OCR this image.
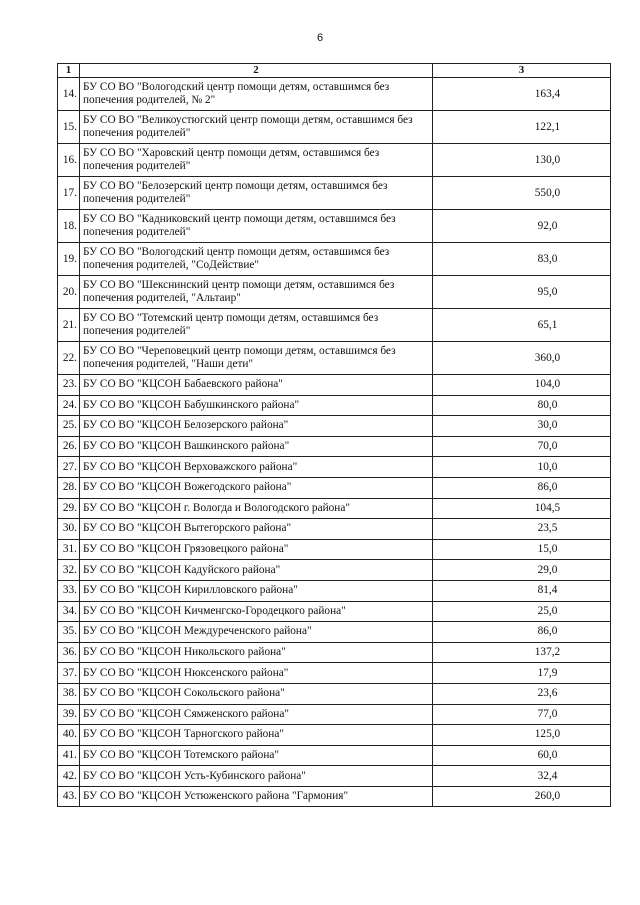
6
1	2	3
14.	БУ СО ВО "Вологодский центр помощи детям, оставшимся без попечения родителей, № 2"	163,4
15.	БУ СО ВО "Великоустюгский центр помощи детям, оставшимся без попечения родителей"	122,1
16.	БУ СО ВО "Харовский центр помощи детям, оставшимся без попечения родителей"	130,0
17.	БУ СО ВО "Белозерский центр помощи детям, оставшимся без попечения родителей"	550,0
18.	БУ СО ВО "Кадниковский центр помощи детям, оставшимся без попечения родителей"	92,0
19.	БУ СО ВО "Вологодский центр помощи детям, оставшимся без попечения родителей, "СоДействие"	83,0
20.	БУ СО ВО "Шекснинский центр помощи детям, оставшимся без попечения родителей, "Альтаир"	95,0
21.	БУ СО ВО "Тотемский центр помощи детям, оставшимся без попечения родителей"	65,1
22.	БУ СО ВО "Череповецкий центр помощи детям, оставшимся без попечения родителей, "Наши дети"	360,0
23.	БУ СО ВО "КЦСОН Бабаевского района"	104,0
24.	БУ СО ВО "КЦСОН Бабушкинского района"	80,0
25.	БУ СО ВО "КЦСОН Белозерского района"	30,0
26.	БУ СО ВО "КЦСОН Вашкинского района"	70,0
27.	БУ СО ВО "КЦСОН Верховажского района"	10,0
28.	БУ СО ВО "КЦСОН Вожегодского района"	86,0
29.	БУ СО ВО "КЦСОН г. Вологда и Вологодского района"	104,5
30.	БУ СО ВО "КЦСОН Вытегорского района"	23,5
31.	БУ СО ВО "КЦСОН Грязовецкого района"	15,0
32.	БУ СО ВО "КЦСОН Кадуйского района"	29,0
33.	БУ СО ВО "КЦСОН Кирилловского района"	81,4
34.	БУ СО ВО "КЦСОН Кичменгско-Городецкого района"	25,0
35.	БУ СО ВО "КЦСОН Междуреченского района"	86,0
36.	БУ СО ВО "КЦСОН Никольского района"	137,2
37.	БУ СО ВО "КЦСОН Нюксенского района"	17,9
38.	БУ СО ВО "КЦСОН Сокольского района"	23,6
39.	БУ СО ВО "КЦСОН Сямженского района"	77,0
40.	БУ СО ВО "КЦСОН Тарногского района"	125,0
41.	БУ СО ВО "КЦСОН Тотемского района"	60,0
42.	БУ СО ВО "КЦСОН Усть-Кубинского района"	32,4
43.	БУ СО ВО "КЦСОН Устюженского района "Гармония"	260,0
